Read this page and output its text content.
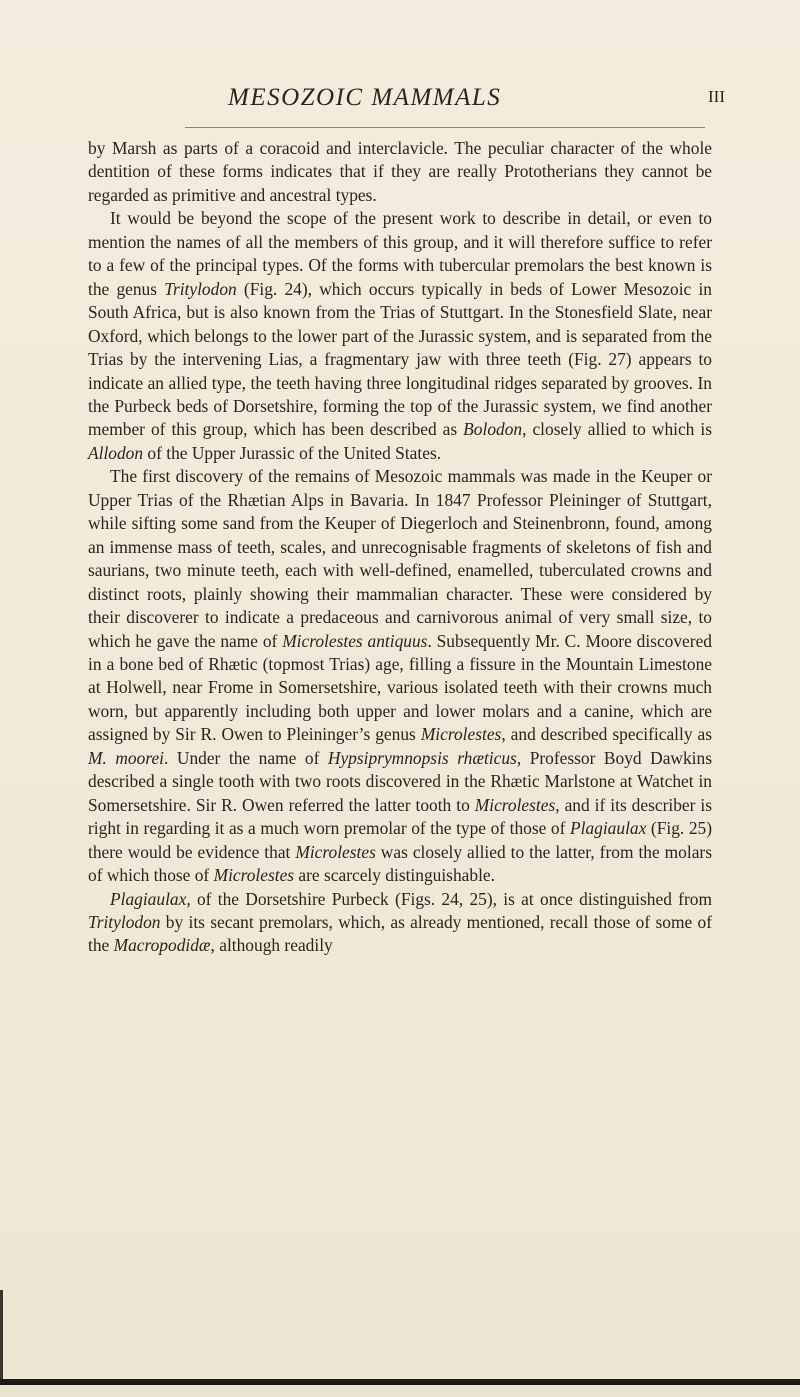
MESOZOIC MAMMALS	III

by Marsh as parts of a coracoid and interclavicle. The peculiar character of the whole dentition of these forms indicates that if they are really Prototherians they cannot be regarded as primitive and ancestral types.

It would be beyond the scope of the present work to describe in detail, or even to mention the names of all the members of this group, and it will therefore suffice to refer to a few of the principal types. Of the forms with tubercular premolars the best known is the genus Tritylodon (Fig. 24), which occurs typically in beds of Lower Mesozoic in South Africa, but is also known from the Trias of Stuttgart. In the Stonesfield Slate, near Oxford, which belongs to the lower part of the Jurassic system, and is separated from the Trias by the intervening Lias, a fragmentary jaw with three teeth (Fig. 27) appears to indicate an allied type, the teeth having three longitudinal ridges separated by grooves. In the Purbeck beds of Dorsetshire, forming the top of the Jurassic system, we find another member of this group, which has been described as Bolodon, closely allied to which is Allodon of the Upper Jurassic of the United States.

The first discovery of the remains of Mesozoic mammals was made in the Keuper or Upper Trias of the Rhætian Alps in Bavaria. In 1847 Professor Pleininger of Stuttgart, while sifting some sand from the Keuper of Diegerloch and Steinenbronn, found, among an immense mass of teeth, scales, and unrecognisable fragments of skeletons of fish and saurians, two minute teeth, each with well-defined, enamelled, tuberculated crowns and distinct roots, plainly showing their mammalian character. These were considered by their discoverer to indicate a predaceous and carnivorous animal of very small size, to which he gave the name of Microlestes antiquus. Subsequently Mr. C. Moore discovered in a bone bed of Rhætic (topmost Trias) age, filling a fissure in the Mountain Limestone at Holwell, near Frome in Somersetshire, various isolated teeth with their crowns much worn, but apparently including both upper and lower molars and a canine, which are assigned by Sir R. Owen to Pleininger’s genus Microlestes, and described specifically as M. moorei. Under the name of Hypsiprymnopsis rhæticus, Professor Boyd Dawkins described a single tooth with two roots discovered in the Rhætic Marlstone at Watchet in Somersetshire. Sir R. Owen referred the latter tooth to Microlestes, and if its describer is right in regarding it as a much worn premolar of the type of those of Plagiaulax (Fig. 25) there would be evidence that Microlestes was closely allied to the latter, from the molars of which those of Microlestes are scarcely distinguishable.

Plagiaulax, of the Dorsetshire Purbeck (Figs. 24, 25), is at once distinguished from Tritylodon by its secant premolars, which, as already mentioned, recall those of some of the Macropodidæ, although readily
